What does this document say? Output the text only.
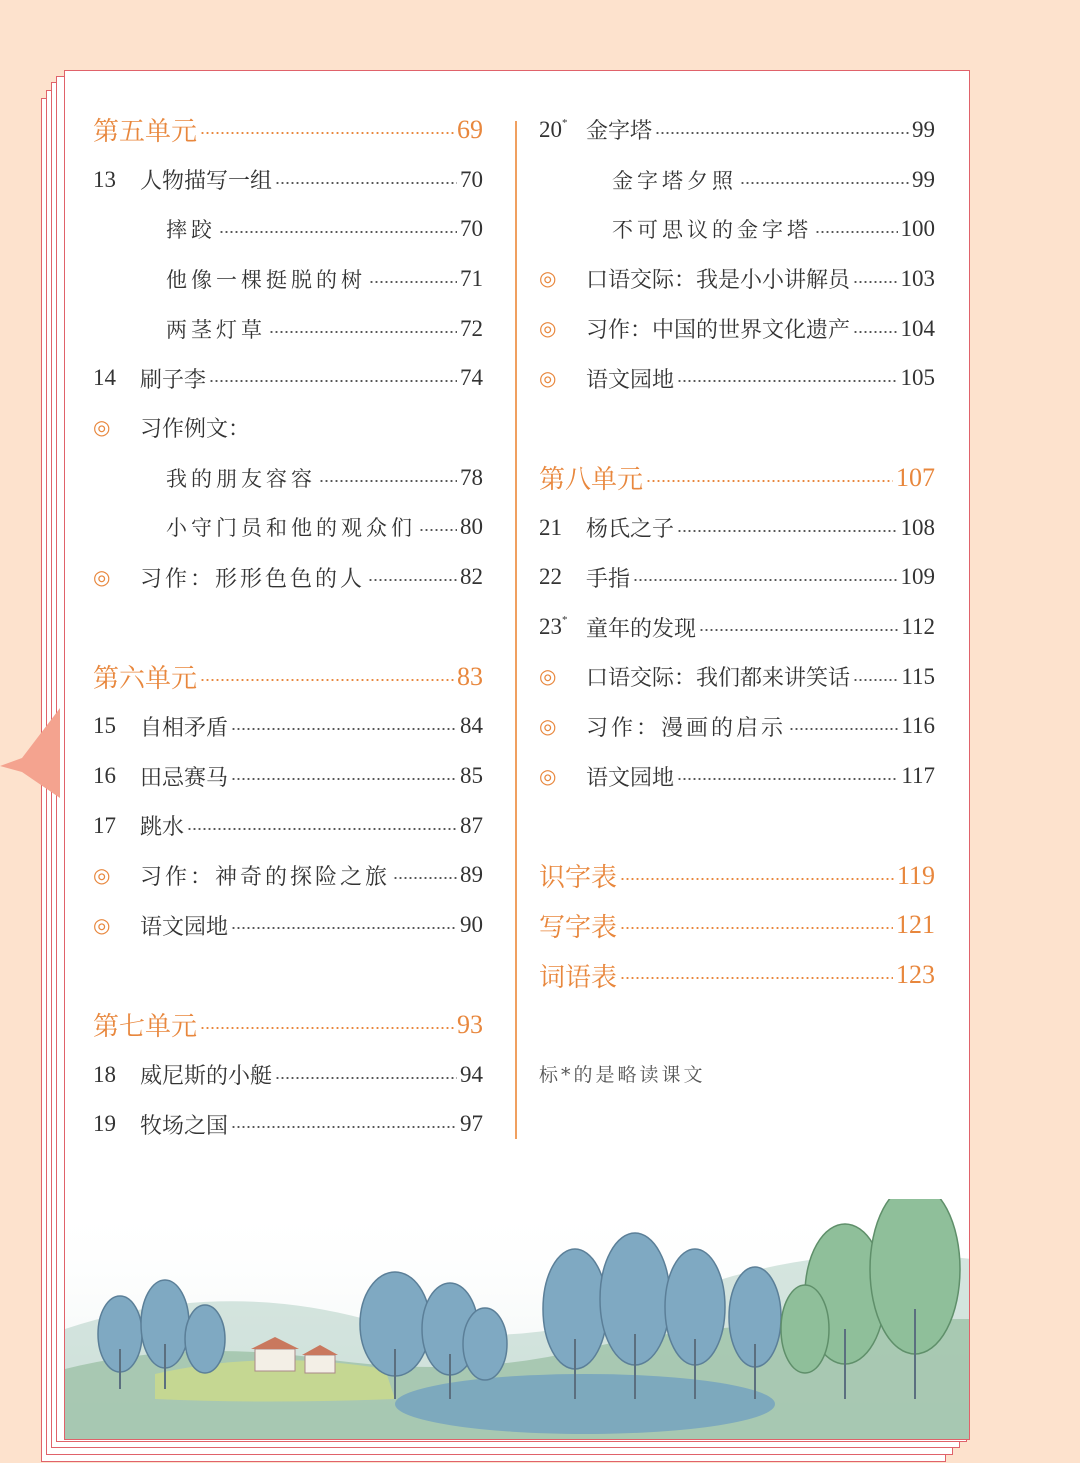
第五单元	69
13	人物描写一组	70
摔跤	70
他像一棵挺脱的树	71
两茎灯草	72
14	刷子李	74
◎	习作例文：
我的朋友容容	78
小守门员和他的观众们 80
◎	习作：形形色色的人	82
第六单元	83
15	自相矛盾	84
16	田忌赛马	85
17	跳水	87
◎	习作：神奇的探险之旅	89
◎	语文园地	90
第七单元	93
18	威尼斯的小艇	94
19	牧场之国	97
20* 金字塔	99
金字塔夕照	99
不可思议的金字塔	100
◎	口语交际：我是小小讲解员 103
◎	习作：中国的世界文化遗产 104
◎	语文园地	105
第八单元	107
21	杨氏之子	108
22	手指	109
23* 童年的发现	112
◎	口语交际：我们都来讲笑话 115
◎	习作：漫画的启示	116
◎	语文园地	117
识字表	119
写字表	121
词语表	123
标*的是略读课文
